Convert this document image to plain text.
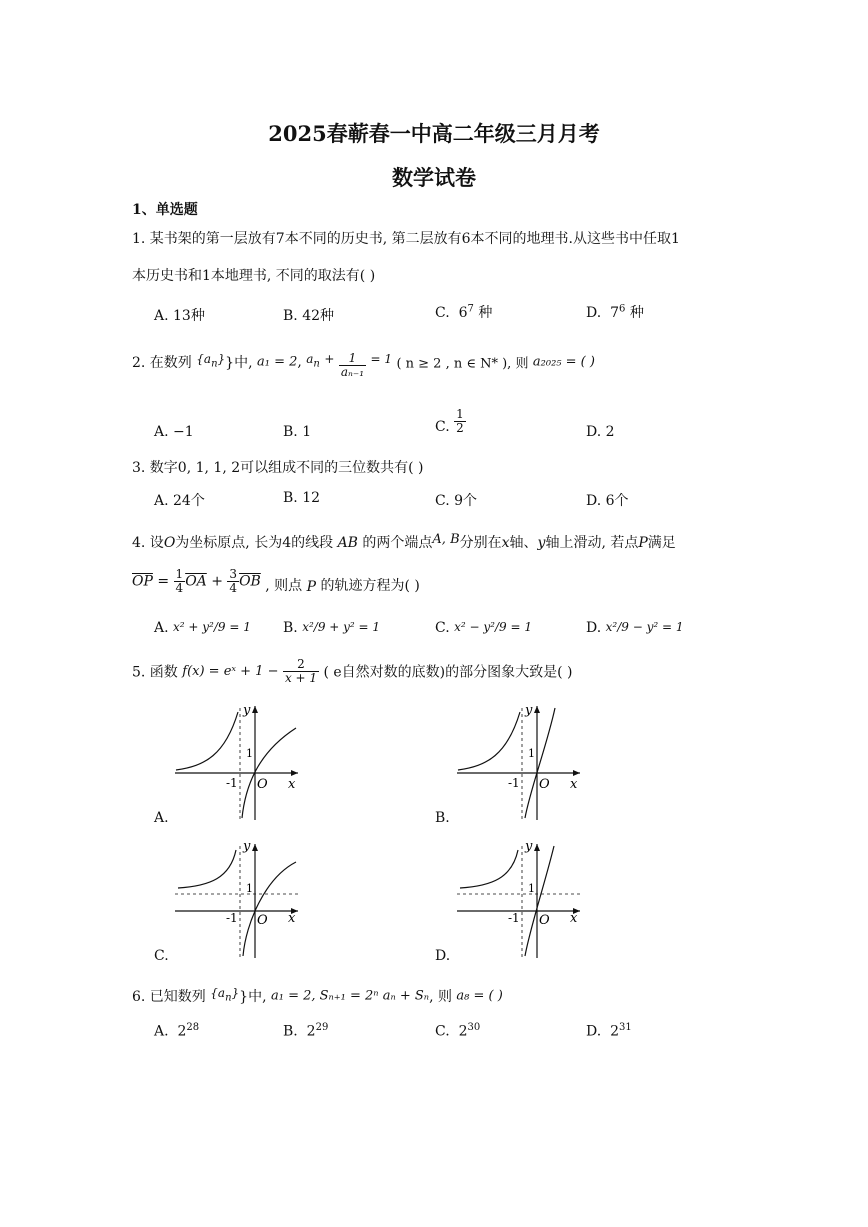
2025春蕲春一中高二年级三月月考
数学试卷
1、单选题
1. 某书架的第一层放有7本不同的历史书, 第二层放有6本不同的地理书.从这些书中任取1
本历史书和1本地理书, 不同的取法有( )
A. 13种	B. 42种	C. $6^7$ 种	D. $7^6$ 种
2. 在数列 $\{a_n\}$}中, a₁ = 2, $a_n + \frac{1}{\text{aₙ₋₁}} = 1$ ( n ≥ 2 , n ∈ N* ), 则 a₂₀₂₅ = ( )
A. −1	B. 1	C. $\frac{1}{2}$	D. 2
3. 数字0, 1, 1, 2可以组成不同的三位数共有( )
A. 24个	B. 12	C. 9个	D. 6个
4. 设O为坐标原点, 长为4的线段 AB 的两个端点A, B分别在x轴、y轴上滑动, 若点P满足
$\overline{OP} = \frac{1}{4} \overline{OA} + \frac{3}{4} \overline{OB}$ , 则点 P 的轨迹方程为( )
A. x² + y²/9 = 1 B. x²/9 + y² = 1	C. x² − y²/9 = 1	D. x²/9 − y² = 1
5. 函数 f(x) = eˣ + $1 - \frac{2}{x + 1}$ ( e自然对数的底数)的部分图象大致是( )
y
1
-1 O x
A.
y
1
-1 O x
B.
y
1
-1 O x
C.
y
1
-1 O x
D.
6. 已知数列 $\{a_n\}$}中, a₁ = 2, Sₙ₊₁ = 2ⁿ aₙ + Sₙ, 则 a₈ = ( )
A. $2^{28}$	B. $2^{29}$	C. $2^{30}$	D. $2^{31}$
